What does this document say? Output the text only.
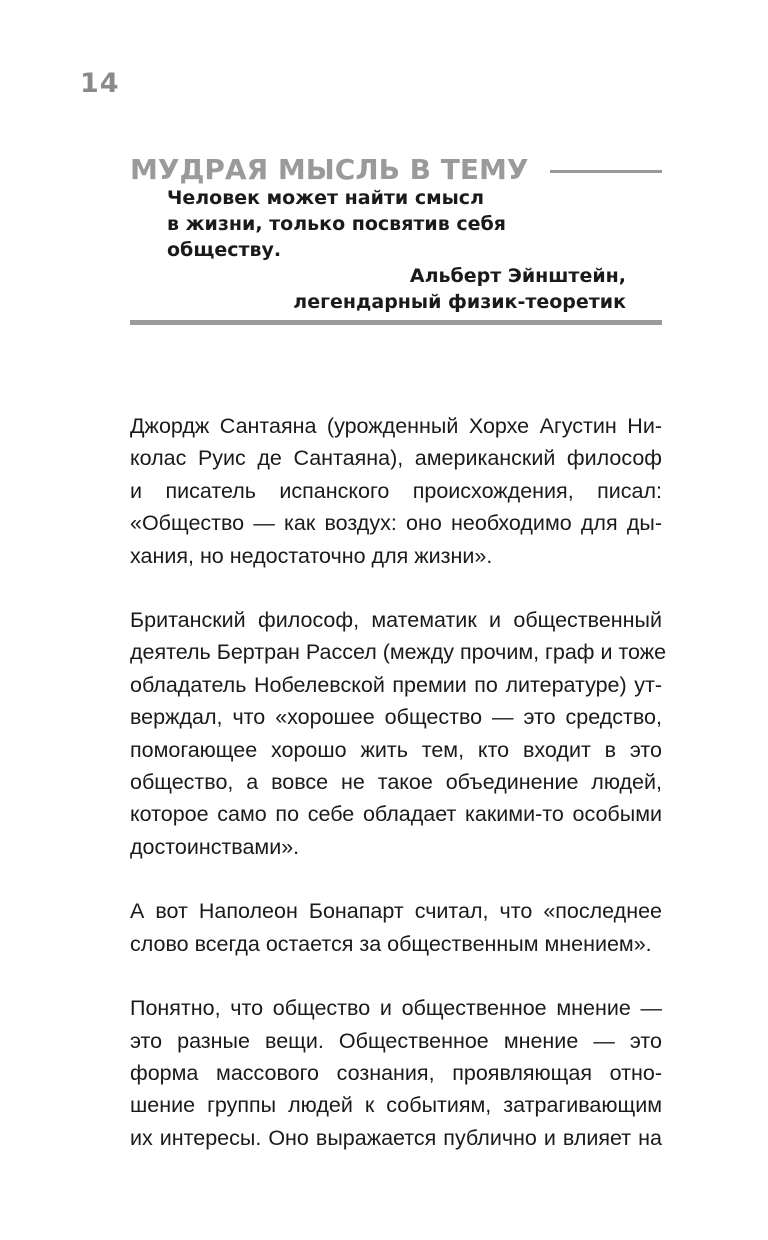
14
МУДРАЯ МЫСЛЬ В ТЕМУ
Человек может найти смысл
в жизни, только посвятив себя
обществу.
Альберт Эйнштейн,
легендарный физик-теоретик
Джордж Сантаяна (урожденный Хорхе Агустин Ни-
колас Руис де Сантаяна), американский философ
и писатель испанского происхождения, писал:
«Общество — как воздух: оно необходимо для ды-
хания, но недостаточно для жизни».
Британский философ, математик и общественный
деятель Бертран Рассел (между прочим, граф и тоже
обладатель Нобелевской премии по литературе) ут-
верждал, что «хорошее общество — это средство,
помогающее хорошо жить тем, кто входит в это
общество, а вовсе не такое объединение людей,
которое само по себе обладает какими-то особыми
достоинствами».
А вот Наполеон Бонапарт считал, что «последнее
слово всегда остается за общественным мнением».
Понятно, что общество и общественное мнение —
это разные вещи. Общественное мнение — это
форма массового сознания, проявляющая отно-
шение группы людей к событиям, затрагивающим
их интересы. Оно выражается публично и влияет на
